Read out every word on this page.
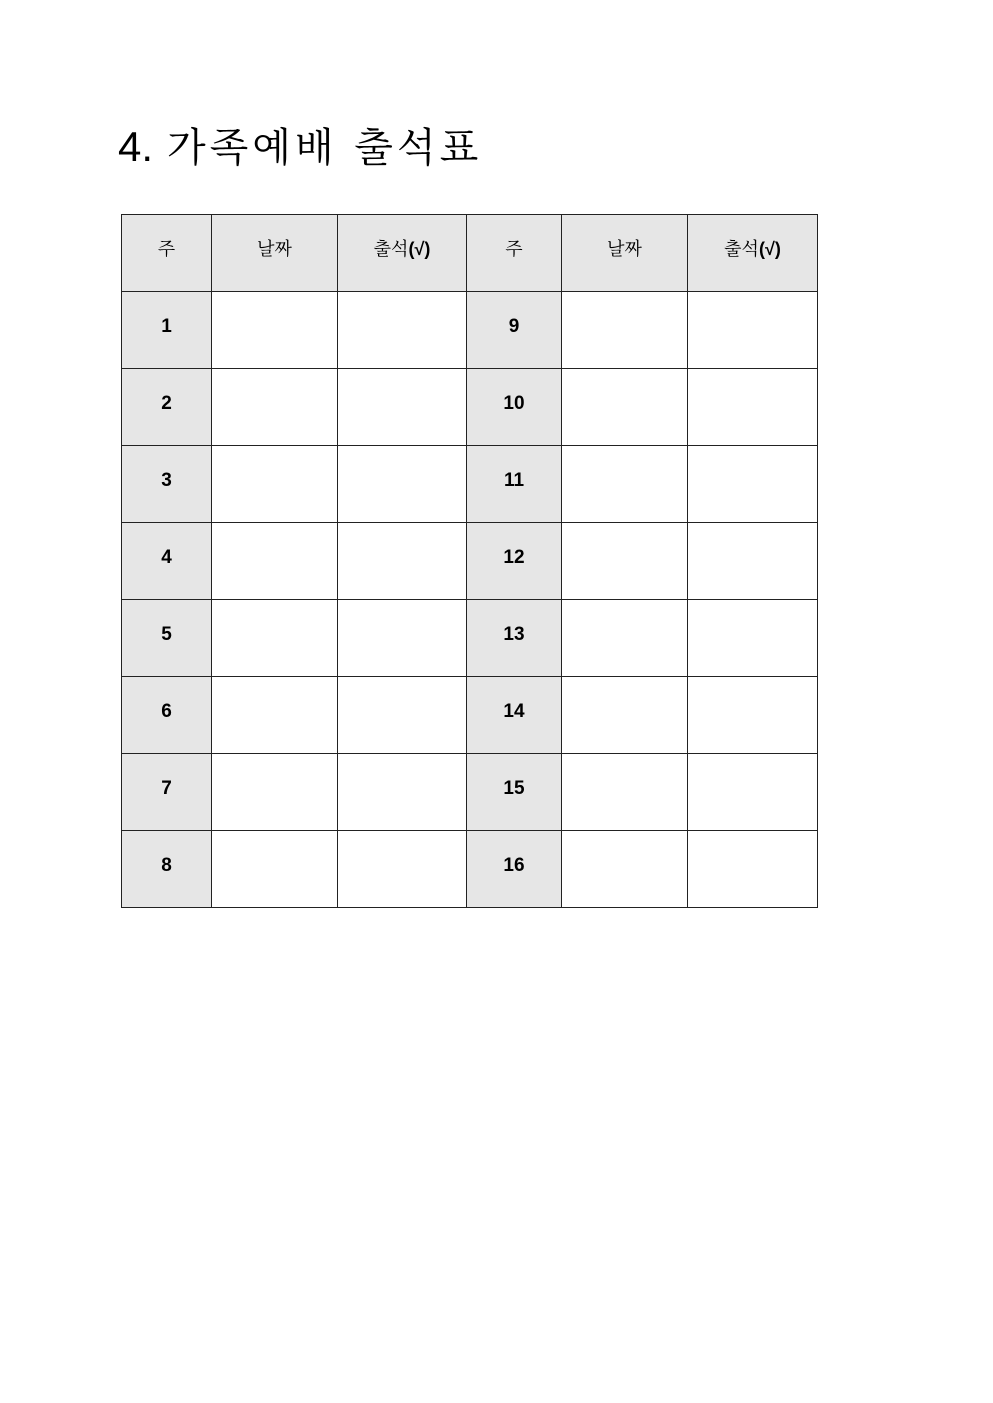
4. 가족예배 출석표
주	날짜	출석(√)	주	날짜	출석(√)
1			9		
2			10		
3			11		
4			12		
5			13		
6			14		
7			15		
8			16		
